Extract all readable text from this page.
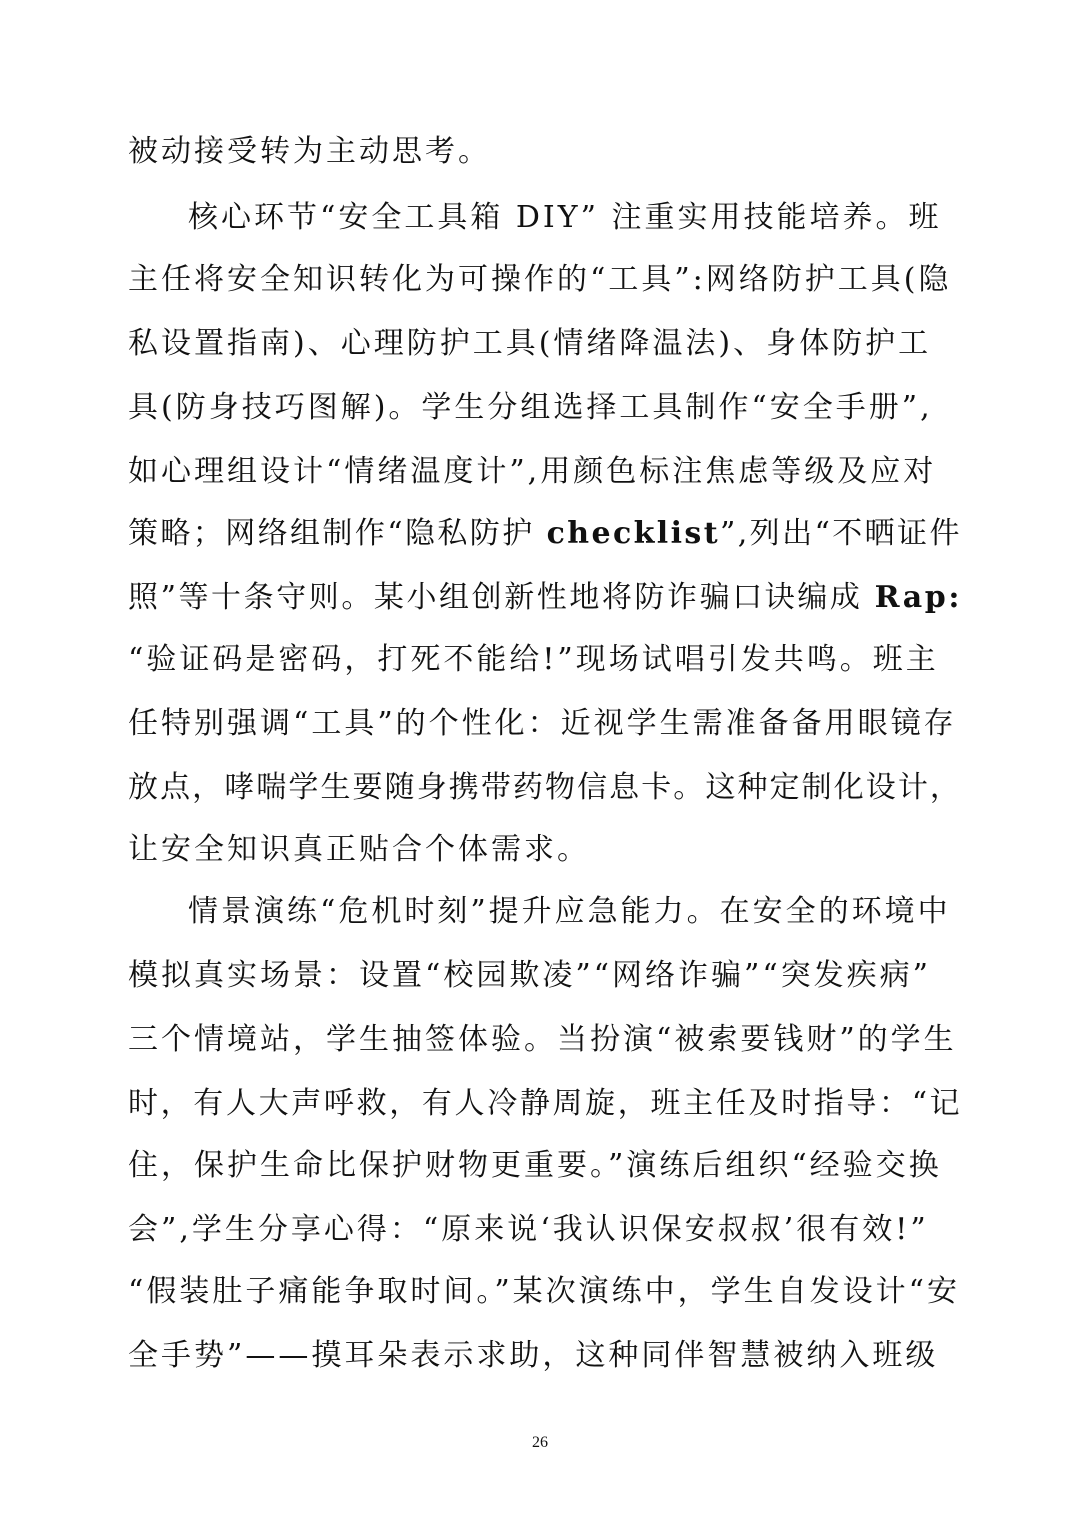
被动接受转为主动思考。
核心环节“安全工具箱 DIY” 注重实用技能培养。班
主任将安全知识转化为可操作的“工具”:网络防护工具(隐
私设置指南)、心理防护工具(情绪降温法)、身体防护工
具(防身技巧图解)。学生分组选择工具制作“安全手册”,
如心理组设计“情绪温度计”,用颜色标注焦虑等级及应对
策略；网络组制作“隐私防护 checklist”,列出“不晒证件
照”等十条守则。某小组创新性地将防诈骗口诀编成 Rap:
“验证码是密码，打死不能给!”现场试唱引发共鸣。班主
任特别强调“工具”的个性化：近视学生需准备备用眼镜存
放点，哮喘学生要随身携带药物信息卡。这种定制化设计，
让安全知识真正贴合个体需求。
情景演练“危机时刻”提升应急能力。在安全的环境中
模拟真实场景：设置“校园欺凌”“网络诈骗”“突发疾病”
三个情境站，学生抽签体验。当扮演“被索要钱财”的学生
时，有人大声呼救，有人冷静周旋，班主任及时指导：“记
住，保护生命比保护财物更重要。”演练后组织“经验交换
会”,学生分享心得：“原来说‘我认识保安叔叔’很有效!”
“假装肚子痛能争取时间。”某次演练中，学生自发设计“安
全手势”——摸耳朵表示求助，这种同伴智慧被纳入班级
26
